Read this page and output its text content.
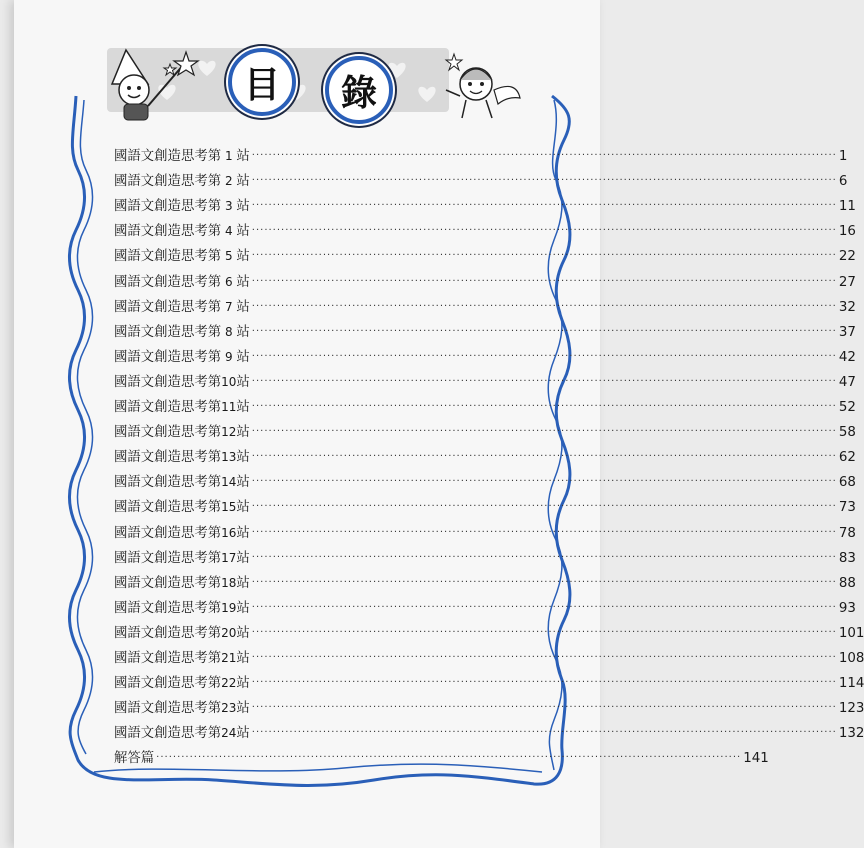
目	錄
國語文創造思考第 1 站 ············································································································································ 1
國語文創造思考第 2 站 ············································································································································ 6
國語文創造思考第 3 站 ············································································································································ 11
國語文創造思考第 4 站 ············································································································································ 16
國語文創造思考第 5 站 ············································································································································ 22
國語文創造思考第 6 站 ············································································································································ 27
國語文創造思考第 7 站 ············································································································································ 32
國語文創造思考第 8 站 ············································································································································ 37
國語文創造思考第 9 站 ············································································································································ 42
國語文創造思考第10站 ············································································································································ 47
國語文創造思考第11站 ············································································································································ 52
國語文創造思考第12站 ············································································································································ 58
國語文創造思考第13站 ············································································································································ 62
國語文創造思考第14站 ············································································································································ 68
國語文創造思考第15站 ············································································································································ 73
國語文創造思考第16站 ············································································································································ 78
國語文創造思考第17站 ············································································································································ 83
國語文創造思考第18站 ············································································································································ 88
國語文創造思考第19站 ············································································································································ 93
國語文創造思考第20站 ············································································································································ 101
國語文創造思考第21站 ············································································································································ 108
國語文創造思考第22站 ············································································································································ 114
國語文創造思考第23站 ············································································································································ 123
國語文創造思考第24站 ············································································································································ 132
解答篇 ············································································································································ 141
